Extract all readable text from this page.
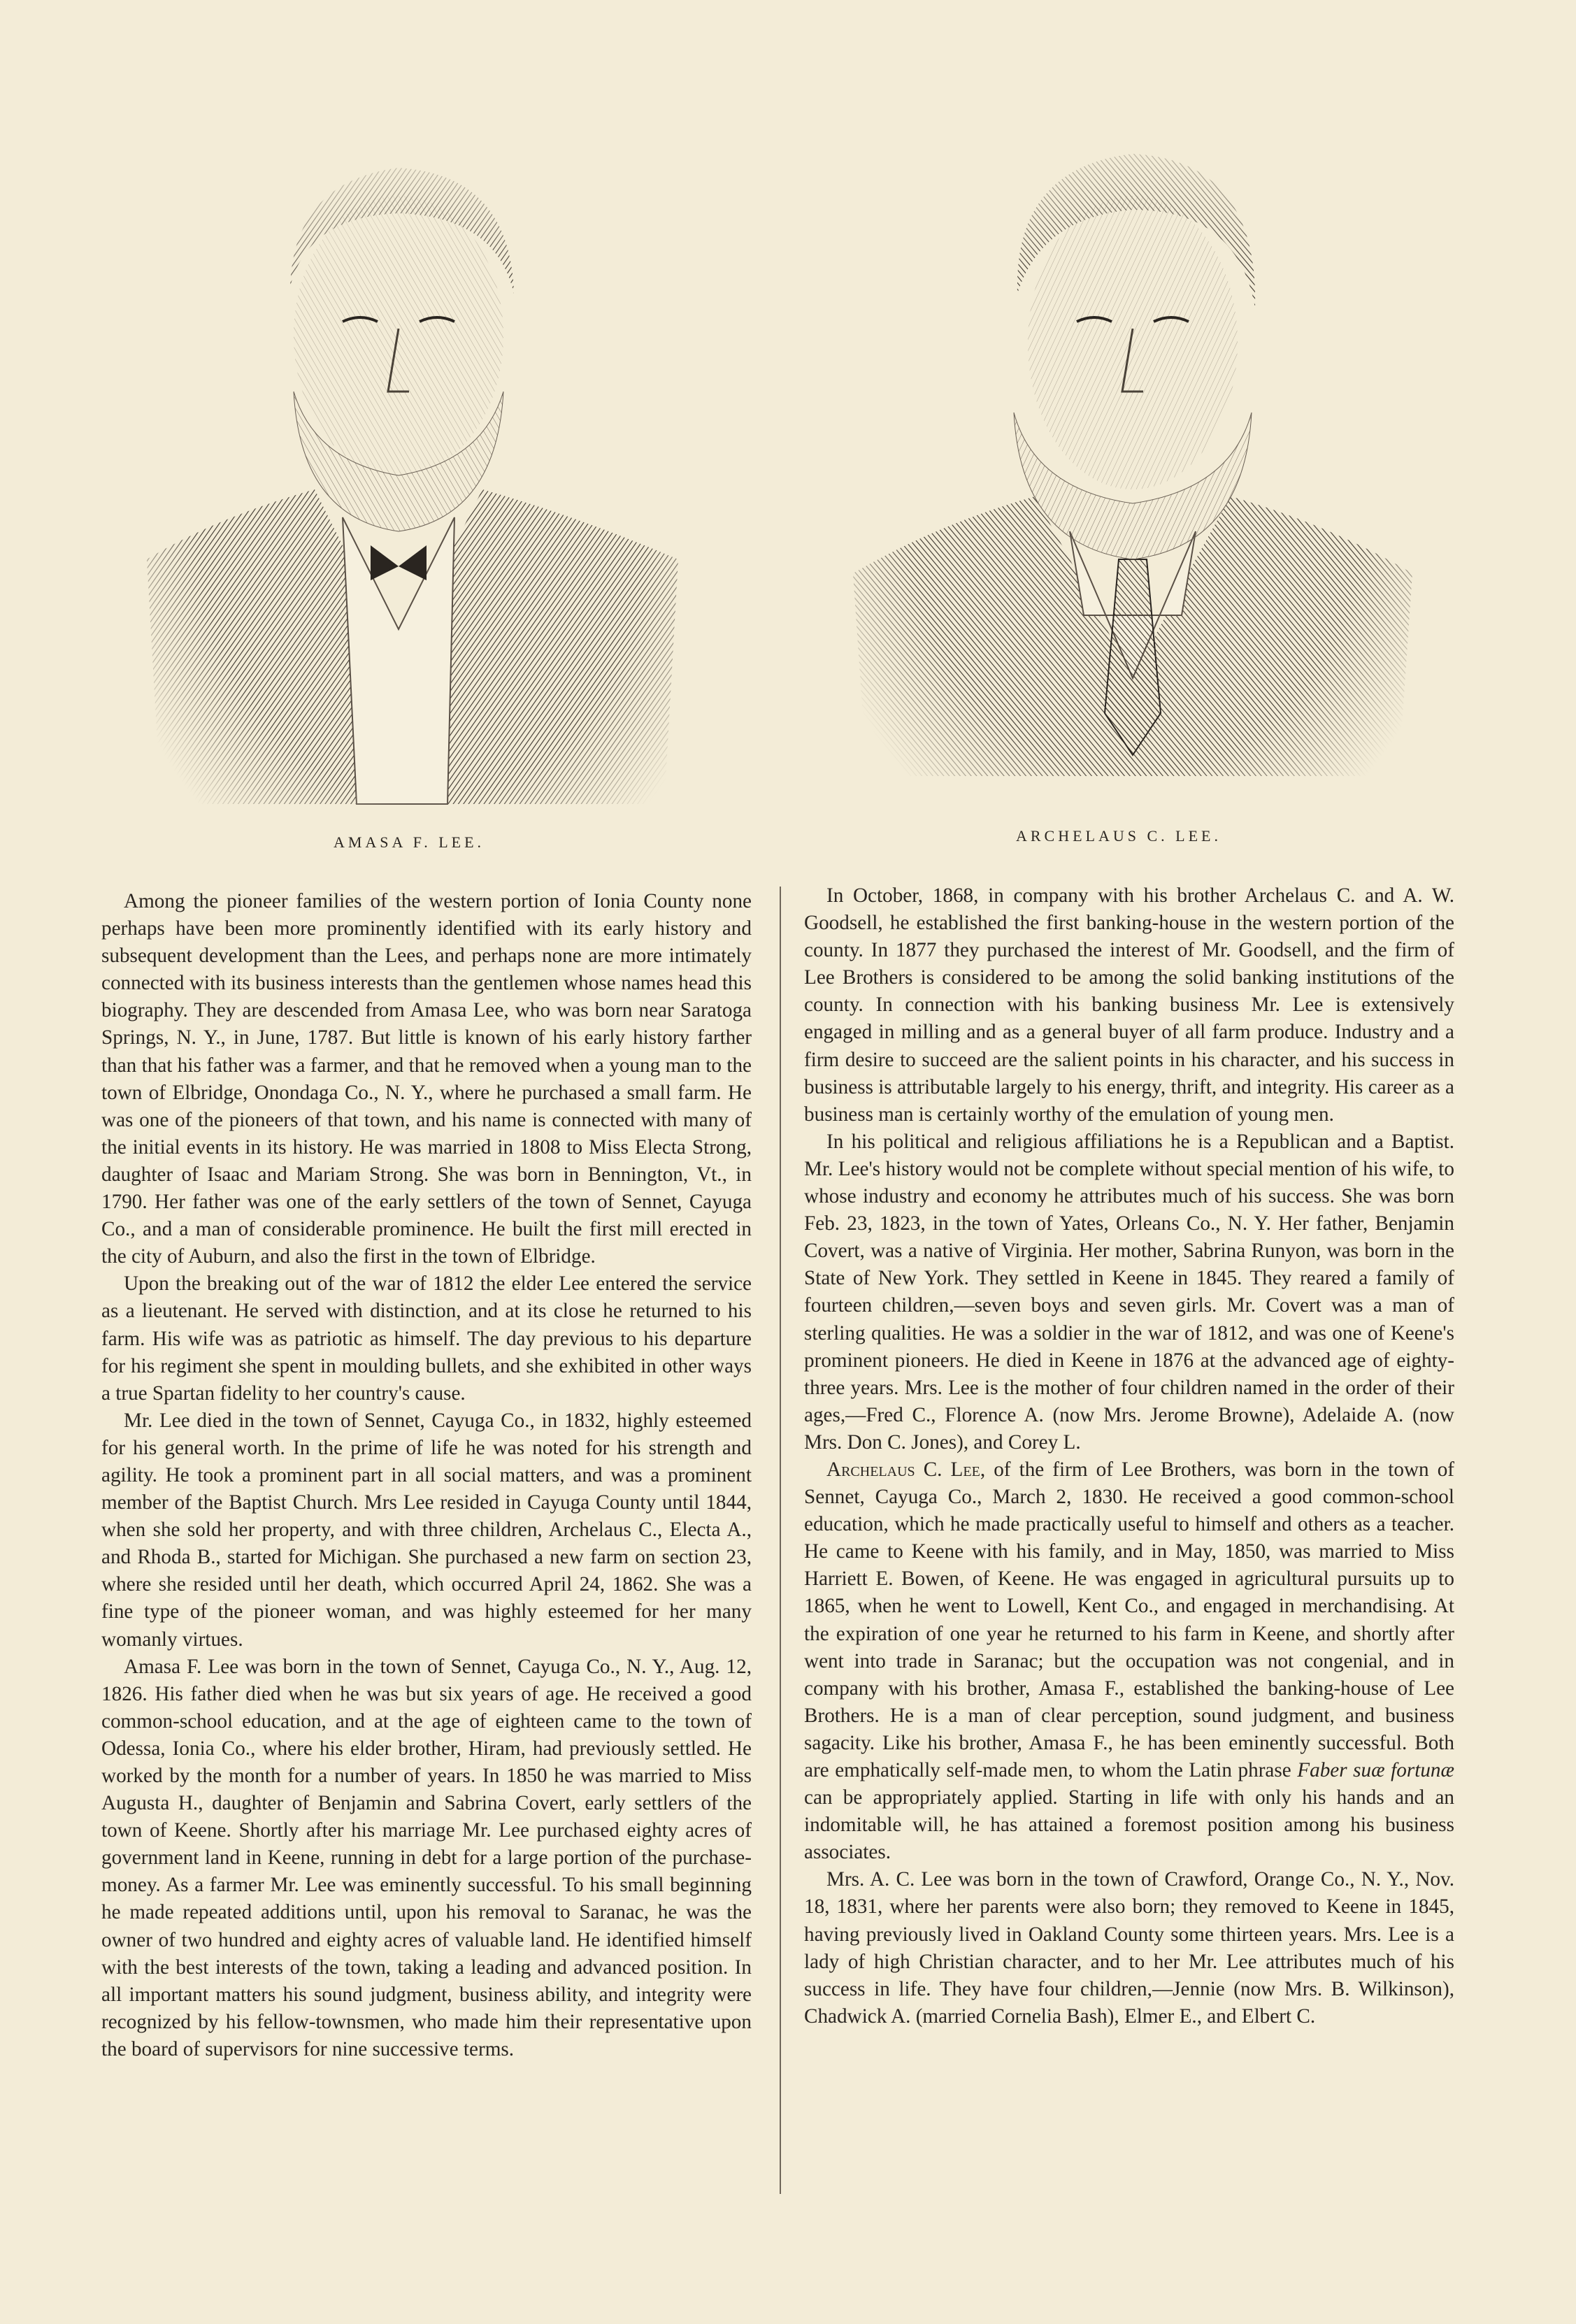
AMASA F. LEE.	ARCHELAUS C. LEE.

Among the pioneer families of the western portion of Ionia County none perhaps have been more prominently identified with its early history and subsequent development than the Lees, and perhaps none are more intimately connected with its business interests than the gentlemen whose names head this biography. They are descended from Amasa Lee, who was born near Saratoga Springs, N. Y., in June, 1787. But little is known of his early history farther than that his father was a farmer, and that he removed when a young man to the town of Elbridge, Onondaga Co., N. Y., where he purchased a small farm. He was one of the pioneers of that town, and his name is connected with many of the initial events in its history. He was married in 1808 to Miss Electa Strong, daughter of Isaac and Mariam Strong. She was born in Bennington, Vt., in 1790. Her father was one of the early settlers of the town of Sennet, Cayuga Co., and a man of considerable prominence. He built the first mill erected in the city of Auburn, and also the first in the town of Elbridge.

Upon the breaking out of the war of 1812 the elder Lee entered the service as a lieutenant. He served with distinction, and at its close he returned to his farm. His wife was as patriotic as himself. The day previous to his departure for his regiment she spent in moulding bullets, and she exhibited in other ways a true Spartan fidelity to her country's cause.

Mr. Lee died in the town of Sennet, Cayuga Co., in 1832, highly esteemed for his general worth. In the prime of life he was noted for his strength and agility. He took a prominent part in all social matters, and was a prominent member of the Baptist Church. Mrs Lee resided in Cayuga County until 1844, when she sold her property, and with three children, Archelaus C., Electa A., and Rhoda B., started for Michigan. She purchased a new farm on section 23, where she resided until her death, which occurred April 24, 1862. She was a fine type of the pioneer woman, and was highly esteemed for her many womanly virtues.

Amasa F. Lee was born in the town of Sennet, Cayuga Co., N. Y., Aug. 12, 1826. His father died when he was but six years of age. He received a good common-school education, and at the age of eighteen came to the town of Odessa, Ionia Co., where his elder brother, Hiram, had previously settled. He worked by the month for a number of years. In 1850 he was married to Miss Augusta H., daughter of Benjamin and Sabrina Covert, early settlers of the town of Keene. Shortly after his marriage Mr. Lee purchased eighty acres of government land in Keene, running in debt for a large portion of the purchase-money. As a farmer Mr. Lee was eminently successful. To his small beginning he made repeated additions until, upon his removal to Saranac, he was the owner of two hundred and eighty acres of valuable land. He identified himself with the best interests of the town, taking a leading and advanced position. In all important matters his sound judgment, business ability, and integrity were recognized by his fellow-townsmen, who made him their representative upon the board of supervisors for nine successive terms.

In October, 1868, in company with his brother Archelaus C. and A. W. Goodsell, he established the first banking-house in the western portion of the county. In 1877 they purchased the interest of Mr. Goodsell, and the firm of Lee Brothers is considered to be among the solid banking institutions of the county. In connection with his banking business Mr. Lee is extensively engaged in milling and as a general buyer of all farm produce. Industry and a firm desire to succeed are the salient points in his character, and his success in business is attributable largely to his energy, thrift, and integrity. His career as a business man is certainly worthy of the emulation of young men.

In his political and religious affiliations he is a Republican and a Baptist. Mr. Lee's history would not be complete without special mention of his wife, to whose industry and economy he attributes much of his success. She was born Feb. 23, 1823, in the town of Yates, Orleans Co., N. Y. Her father, Benjamin Covert, was a native of Virginia. Her mother, Sabrina Runyon, was born in the State of New York. They settled in Keene in 1845. They reared a family of fourteen children,—seven boys and seven girls. Mr. Covert was a man of sterling qualities. He was a soldier in the war of 1812, and was one of Keene's prominent pioneers. He died in Keene in 1876 at the advanced age of eighty-three years. Mrs. Lee is the mother of four children named in the order of their ages,—Fred C., Florence A. (now Mrs. Jerome Browne), Adelaide A. (now Mrs. Don C. Jones), and Corey L.

Archelaus C. Lee, of the firm of Lee Brothers, was born in the town of Sennet, Cayuga Co., March 2, 1830. He received a good common-school education, which he made practically useful to himself and others as a teacher. He came to Keene with his family, and in May, 1850, was married to Miss Harriett E. Bowen, of Keene. He was engaged in agricultural pursuits up to 1865, when he went to Lowell, Kent Co., and engaged in merchandising. At the expiration of one year he returned to his farm in Keene, and shortly after went into trade in Saranac; but the occupation was not congenial, and in company with his brother, Amasa F., established the banking-house of Lee Brothers. He is a man of clear perception, sound judgment, and business sagacity. Like his brother, Amasa F., he has been eminently successful. Both are emphatically self-made men, to whom the Latin phrase Faber suæ fortunæ can be appropriately applied. Starting in life with only his hands and an indomitable will, he has attained a foremost position among his business associates.

Mrs. A. C. Lee was born in the town of Crawford, Orange Co., N. Y., Nov. 18, 1831, where her parents were also born; they removed to Keene in 1845, having previously lived in Oakland County some thirteen years. Mrs. Lee is a lady of high Christian character, and to her Mr. Lee attributes much of his success in life. They have four children,—Jennie (now Mrs. B. Wilkinson), Chadwick A. (married Cornelia Bash), Elmer E., and Elbert C.
